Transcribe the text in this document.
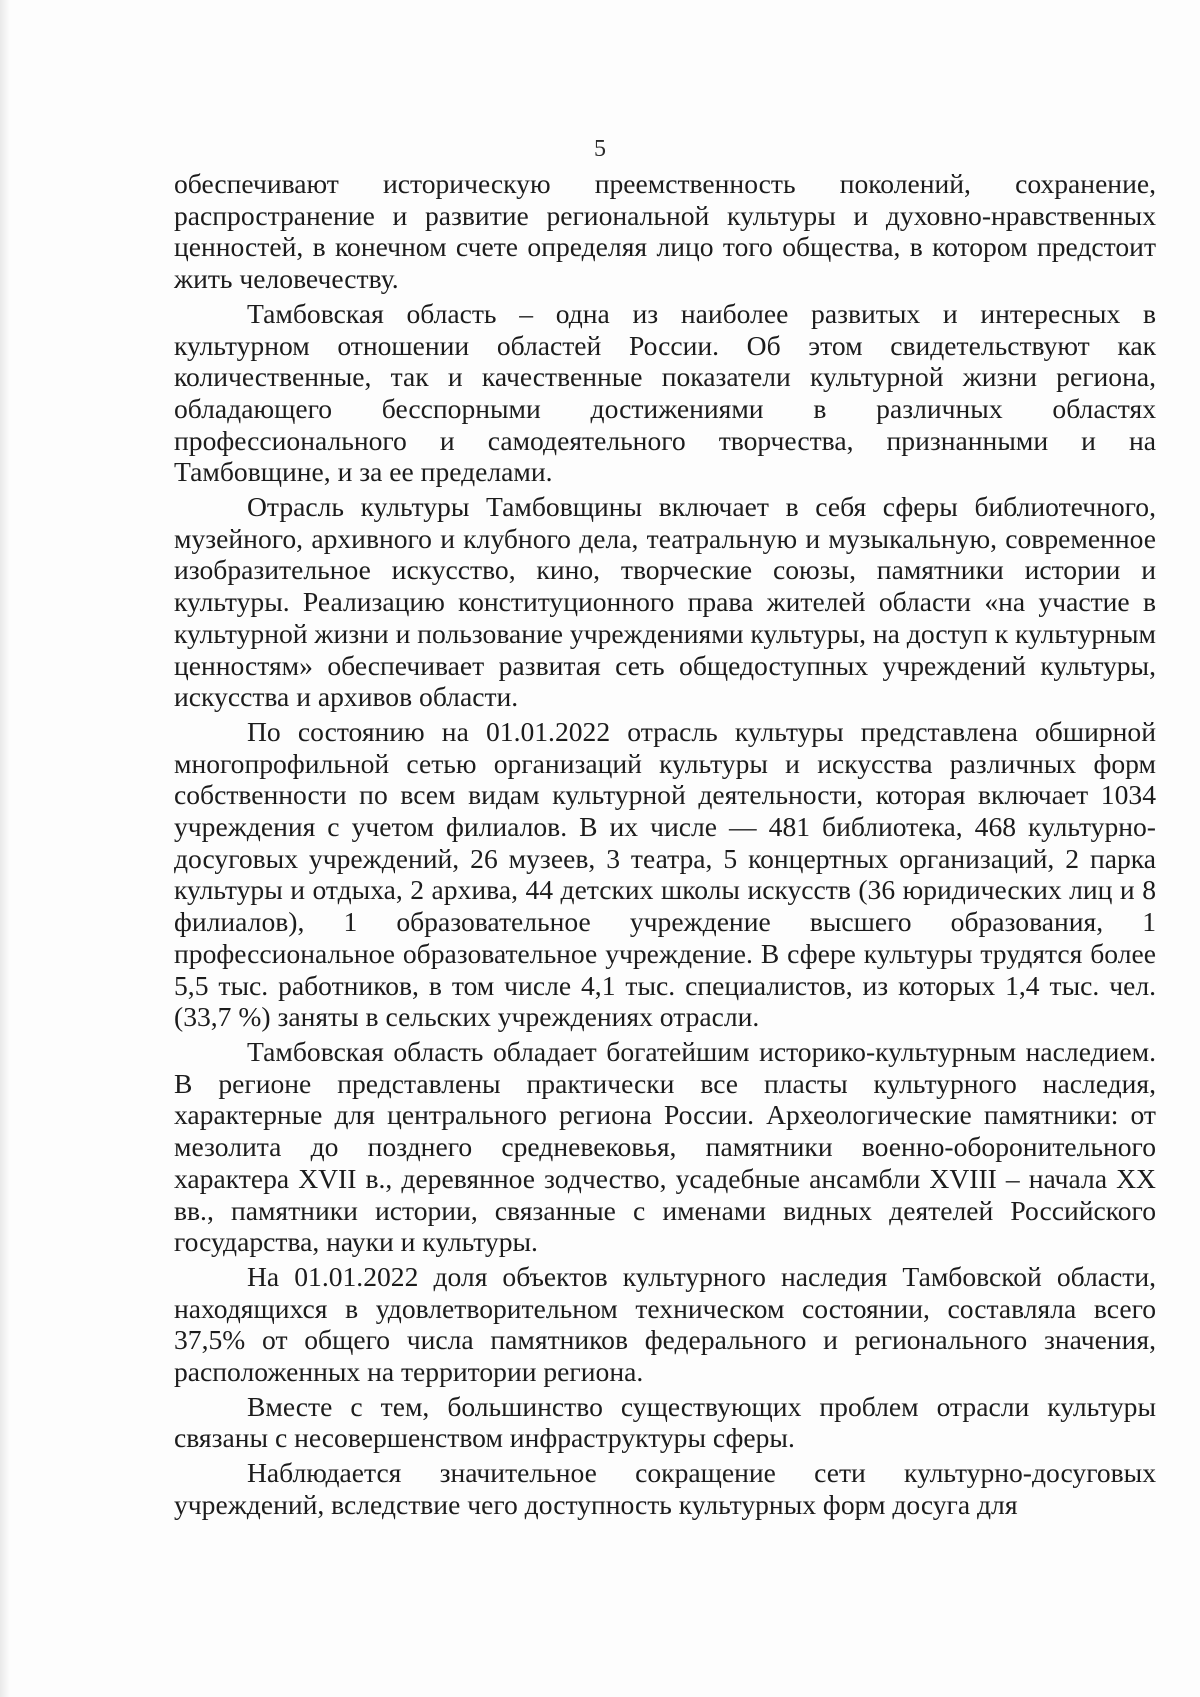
5

обеспечивают историческую преемственность поколений, сохранение, распространение и развитие региональной культуры и духовно-нравственных ценностей, в конечном счете определяя лицо того общества, в котором предстоит жить человечеству.

Тамбовская область – одна из наиболее развитых и интересных в культурном отношении областей России. Об этом свидетельствуют как количественные, так и качественные показатели культурной жизни региона, обладающего бесспорными достижениями в различных областях профессионального и самодеятельного творчества, признанными и на Тамбовщине, и за ее пределами.

Отрасль культуры Тамбовщины включает в себя сферы библиотечного, музейного, архивного и клубного дела, театральную и музыкальную, современное изобразительное искусство, кино, творческие союзы, памятники истории и культуры. Реализацию конституционного права жителей области «на участие в культурной жизни и пользование учреждениями культуры, на доступ к культурным ценностям» обеспечивает развитая сеть общедоступных учреждений культуры, искусства и архивов области.

По состоянию на 01.01.2022 отрасль культуры представлена обширной многопрофильной сетью организаций культуры и искусства различных форм собственности по всем видам культурной деятельности, которая включает 1034 учреждения с учетом филиалов. В их числе — 481 библиотека, 468 культурно-досуговых учреждений, 26 музеев, 3 театра, 5 концертных организаций, 2 парка культуры и отдыха, 2 архива, 44 детских школы искусств (36 юридических лиц и 8 филиалов), 1 образовательное учреждение высшего образования, 1 профессиональное образовательное учреждение. В сфере культуры трудятся более 5,5 тыс. работников, в том числе 4,1 тыс. специалистов, из которых 1,4 тыс. чел. (33,7 %) заняты в сельских учреждениях отрасли.

Тамбовская область обладает богатейшим историко-культурным наследием. В регионе представлены практически все пласты культурного наследия, характерные для центрального региона России. Археологические памятники: от мезолита до позднего средневековья, памятники военно-оборонительного характера XVII в., деревянное зодчество, усадебные ансамбли XVIII – начала XX вв., памятники истории, связанные с именами видных деятелей Российского государства, науки и культуры.

На 01.01.2022 доля объектов культурного наследия Тамбовской области, находящихся в удовлетворительном техническом состоянии, составляла всего 37,5% от общего числа памятников федерального и регионального значения, расположенных на территории региона.

Вместе с тем, большинство существующих проблем отрасли культуры связаны с несовершенством инфраструктуры сферы.

Наблюдается значительное сокращение сети культурно-досуговых учреждений, вследствие чего доступность культурных форм досуга для
